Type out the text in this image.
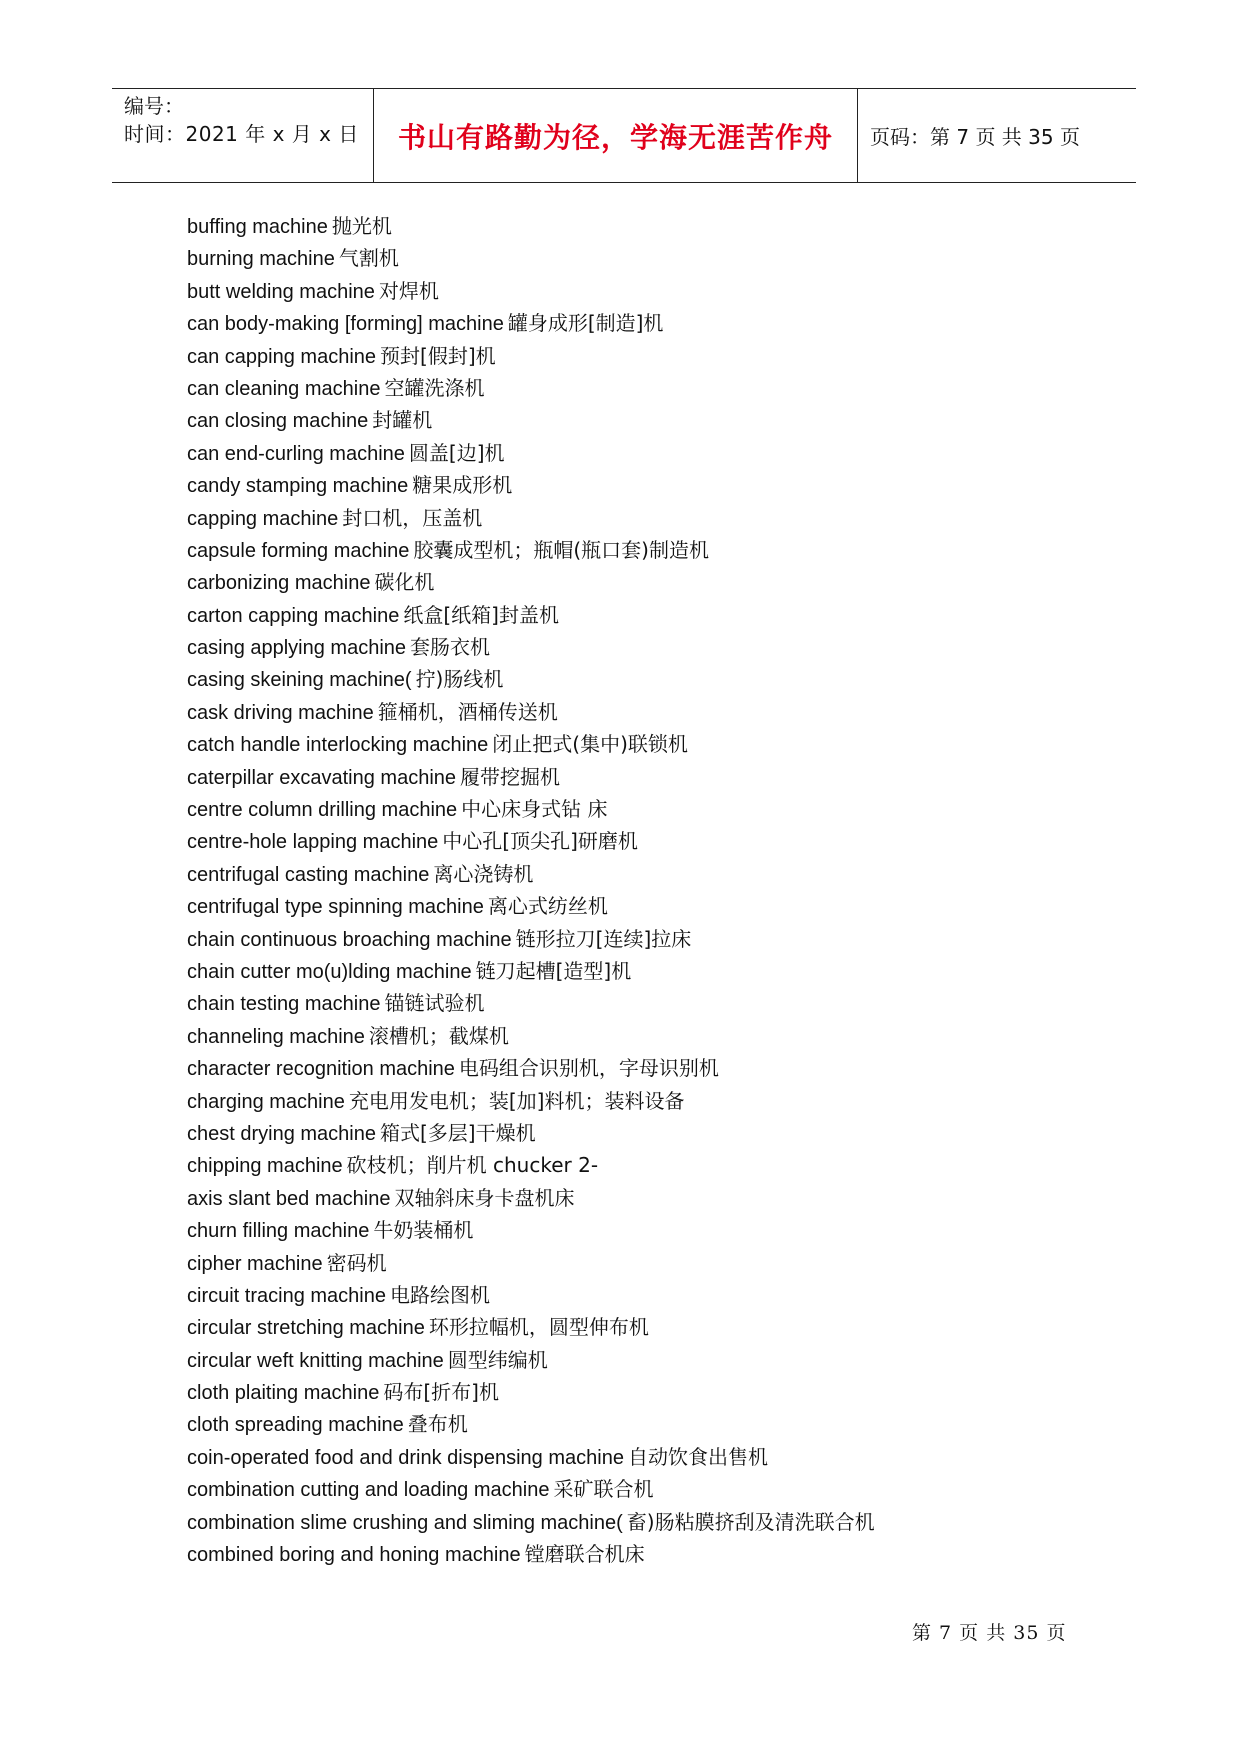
编号：
时间：2021 年 x 月 x 日	书山有路勤为径，学海无涯苦作舟 页码：第 7 页 共 35 页
buffing machine 抛光机
burning machine 气割机
butt welding machine 对焊机
can body-making [forming] machine 罐身成形[制造]机
can capping machine 预封[假封]机
can cleaning machine 空罐洗涤机
can closing machine 封罐机
can end-curling machine 圆盖[边]机
candy stamping machine 糖果成形机
capping machine 封口机，压盖机
capsule forming machine 胶囊成型机；瓶帽(瓶口套)制造机
carbonizing machine 碳化机
carton capping machine 纸盒[纸箱]封盖机
casing applying machine 套肠衣机
casing skeining machine( 拧)肠线机
cask driving machine 箍桶机，酒桶传送机
catch handle interlocking machine 闭止把式(集中)联锁机
caterpillar excavating machine 履带挖掘机
centre column drilling machine 中心床身式钻 床
centre-hole lapping machine 中心孔[顶尖孔]研磨机
centrifugal casting machine 离心浇铸机
centrifugal type spinning machine 离心式纺丝机
chain continuous broaching machine 链形拉刀[连续]拉床
chain cutter mo(u)lding machine 链刀起槽[造型]机
chain testing machine 锚链试验机
channeling machine 滚槽机；截煤机
character recognition machine 电码组合识别机，字母识别机
charging machine 充电用发电机；装[加]料机；装料设备
chest drying machine 箱式[多层]干燥机
chipping machine 砍枝机；削片机 chucker 2-
axis slant bed machine 双轴斜床身卡盘机床
churn filling machine 牛奶装桶机
cipher machine 密码机
circuit tracing machine 电路绘图机
circular stretching machine 环形拉幅机，圆型伸布机
circular weft knitting machine 圆型纬编机
cloth plaiting machine 码布[折布]机
cloth spreading machine 叠布机
coin-operated food and drink dispensing machine 自动饮食出售机
combination cutting and loading machine 采矿联合机
combination slime crushing and sliming machine( 畜)肠粘膜挤刮及清洗联合机
combined boring and honing machine 镗磨联合机床
第 7 页 共 35 页
